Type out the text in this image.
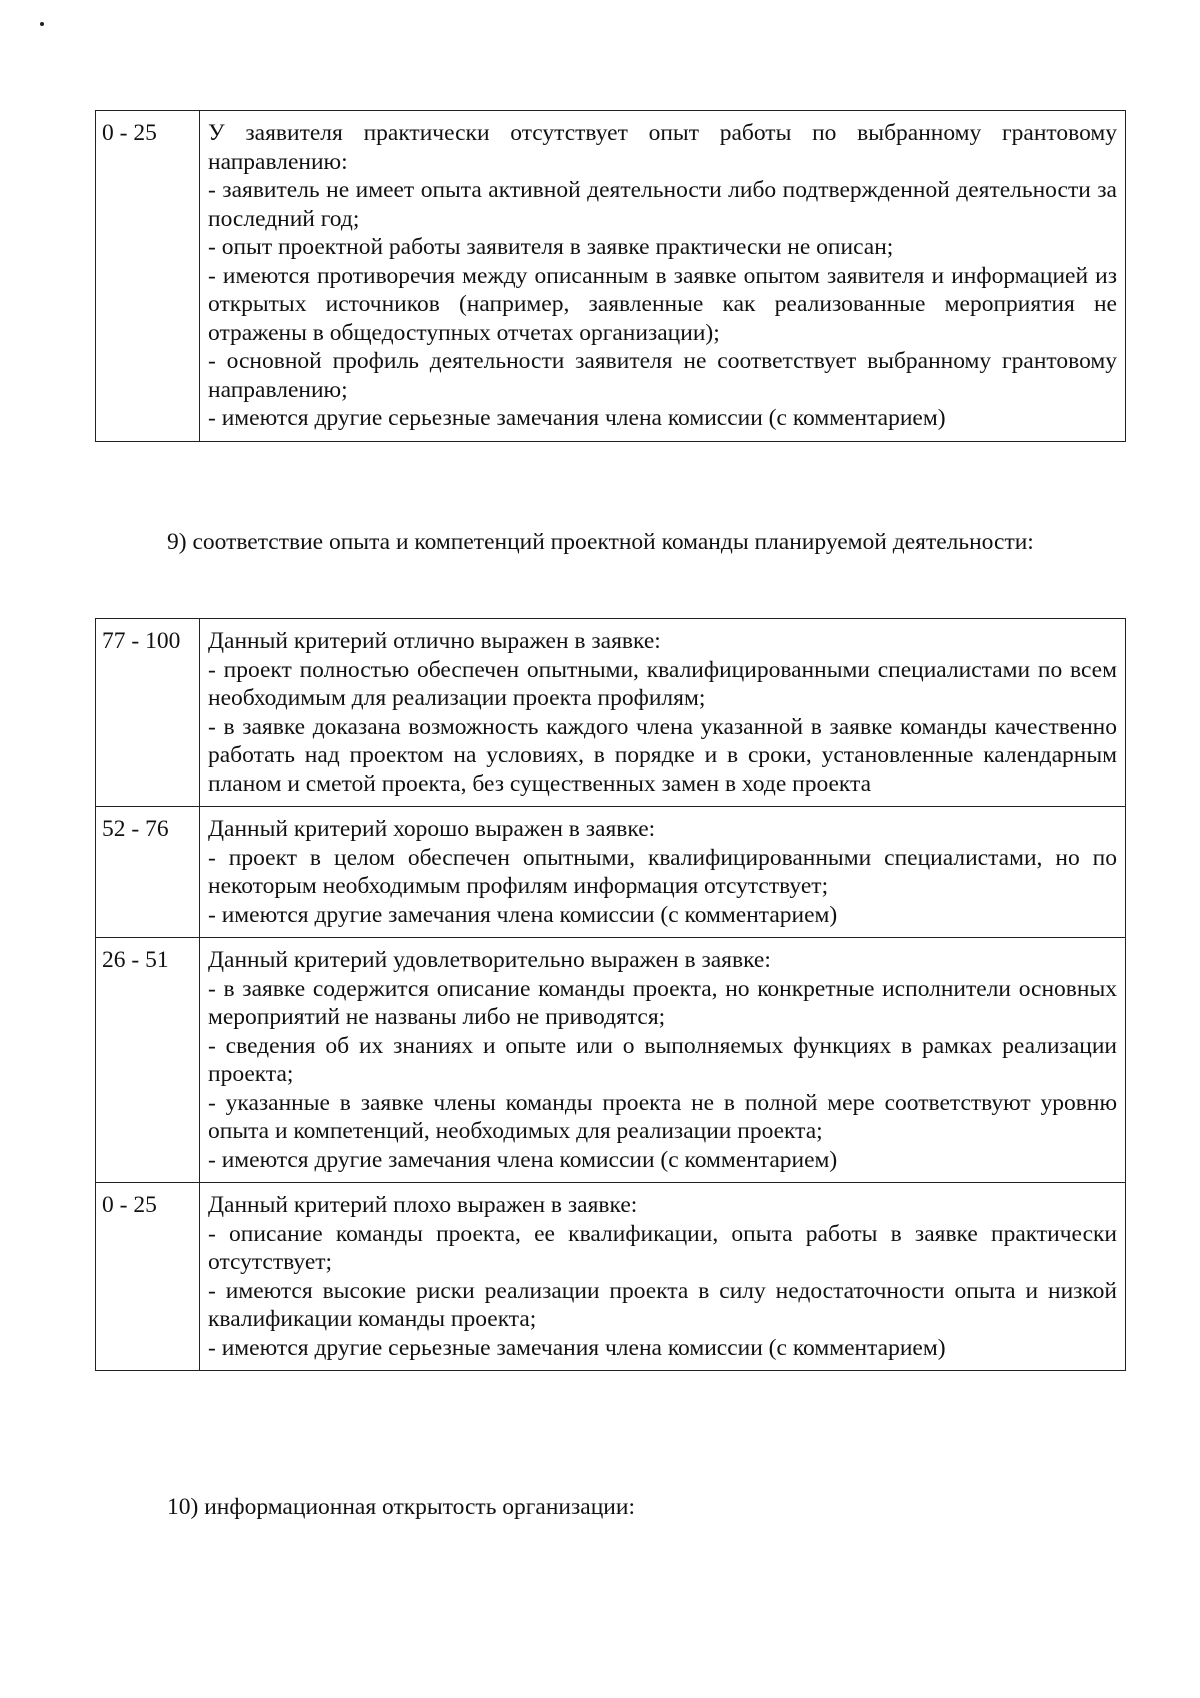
0 - 25	У заявителя практически отсутствует опыт работы по выбранному грантовому направлению:
- заявитель не имеет опыта активной деятельности либо подтвержденной деятельности за последний год;
- опыт проектной работы заявителя в заявке практически не описан;
- имеются противоречия между описанным в заявке опытом заявителя и информацией из открытых источников (например, заявленные как реализованные мероприятия не отражены в общедоступных отчетах организации);
- основной профиль деятельности заявителя не соответствует выбранному грантовому направлению;
- имеются другие серьезные замечания члена комиссии (с комментарием)
9) соответствие опыта и компетенций проектной команды планируемой деятельности:
77 - 100	Данный критерий отлично выражен в заявке:
- проект полностью обеспечен опытными, квалифицированными специалистами по всем необходимым для реализации проекта профилям;
- в заявке доказана возможность каждого члена указанной в заявке команды качественно работать над проектом на условиях, в порядке и в сроки, установленные календарным планом и сметой проекта, без существенных замен в ходе проекта

52 - 76	Данный критерий хорошо выражен в заявке:
- проект в целом обеспечен опытными, квалифицированными специалистами, но по некоторым необходимым профилям информация отсутствует;
- имеются другие замечания члена комиссии (с комментарием)

26 - 51	Данный критерий удовлетворительно выражен в заявке:
- в заявке содержится описание команды проекта, но конкретные исполнители основных мероприятий не названы либо не приводятся;
- сведения об их знаниях и опыте или о выполняемых функциях в рамках реализации проекта;
- указанные в заявке члены команды проекта не в полной мере соответствуют уровню опыта и компетенций, необходимых для реализации проекта;
- имеются другие замечания члена комиссии (с комментарием)

0 - 25	Данный критерий плохо выражен в заявке:
- описание команды проекта, ее квалификации, опыта работы в заявке практически отсутствует;
- имеются высокие риски реализации проекта в силу недостаточности опыта и низкой квалификации команды проекта;
- имеются другие серьезные замечания члена комиссии (с комментарием)
10) информационная открытость организации:
